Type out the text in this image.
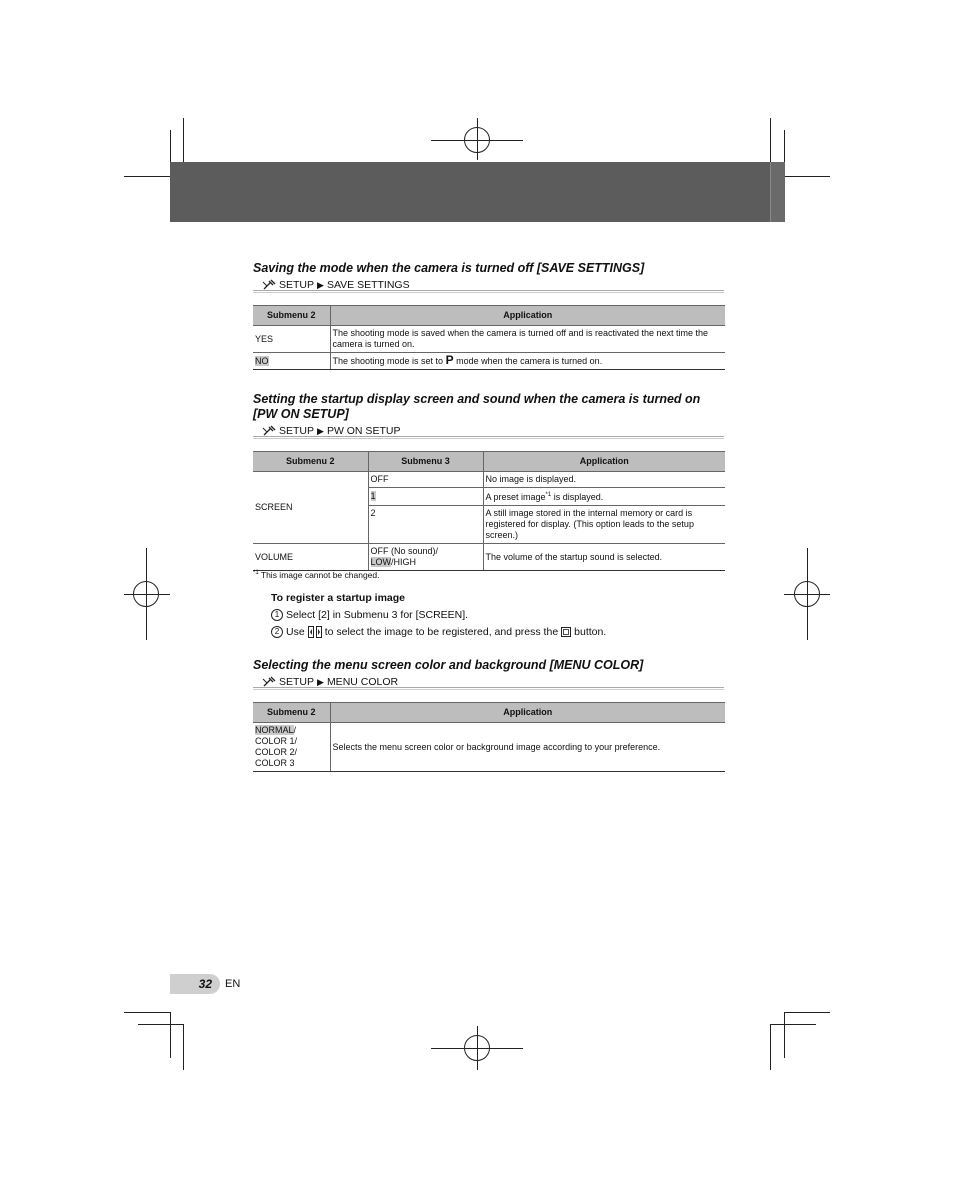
Saving the mode when the camera is turned off [SAVE SETTINGS]
SETUP ▶ SAVE SETTINGS
Submenu 2	Application
YES	The shooting mode is saved when the camera is turned off and is reactivated the next time the camera is turned on.
NO	The shooting mode is set to P mode when the camera is turned on.
Setting the startup display screen and sound when the camera is turned on [PW ON SETUP]
SETUP ▶ PW ON SETUP
Submenu 2	Submenu 3	Application
SCREEN	OFF	No image is displayed.
	1	A preset image$^{*1}$ is displayed.
	2	A still image stored in the internal memory or card is registered for display. (This option leads to the setup screen.)
VOLUME	OFF (No sound)/
LOW/HIGH	The volume of the startup sound is selected.
$^{*1}$ This image cannot be changed.
To register a startup image
1 Select [2] in Submenu 3 for [SCREEN].
2 Use to select the image to be registered, and press the button.
Selecting the menu screen color and background [MENU COLOR]
SETUP ▶ MENU COLOR
Submenu 2	Application
NORMAL/
COLOR 1/
COLOR 2/
COLOR 3	Selects the menu screen color or background image according to your preference.
32 EN
